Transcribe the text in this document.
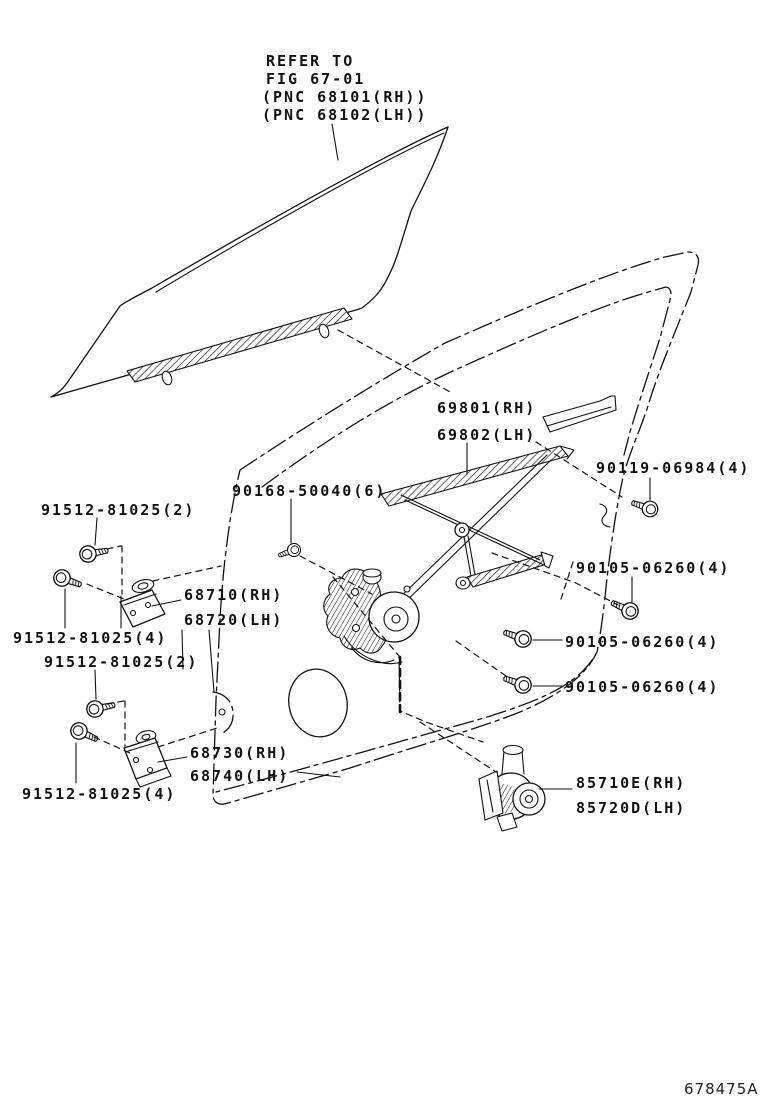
REFER TO
FIG 67-01
(PNC 68101(RH))
(PNC 68102(LH))
69801(RH)
69802(LH)
90119-06984(4)
90168-50040(6)
91512-81025(2)
68710(RH)
68720(LH)
91512-81025(4)
91512-81025(2)
90105-06260(4)
90105-06260(4)
90105-06260(4)
68730(RH)
68740(LH)
91512-81025(4)
85710E(RH)
85720D(LH)
678475A
